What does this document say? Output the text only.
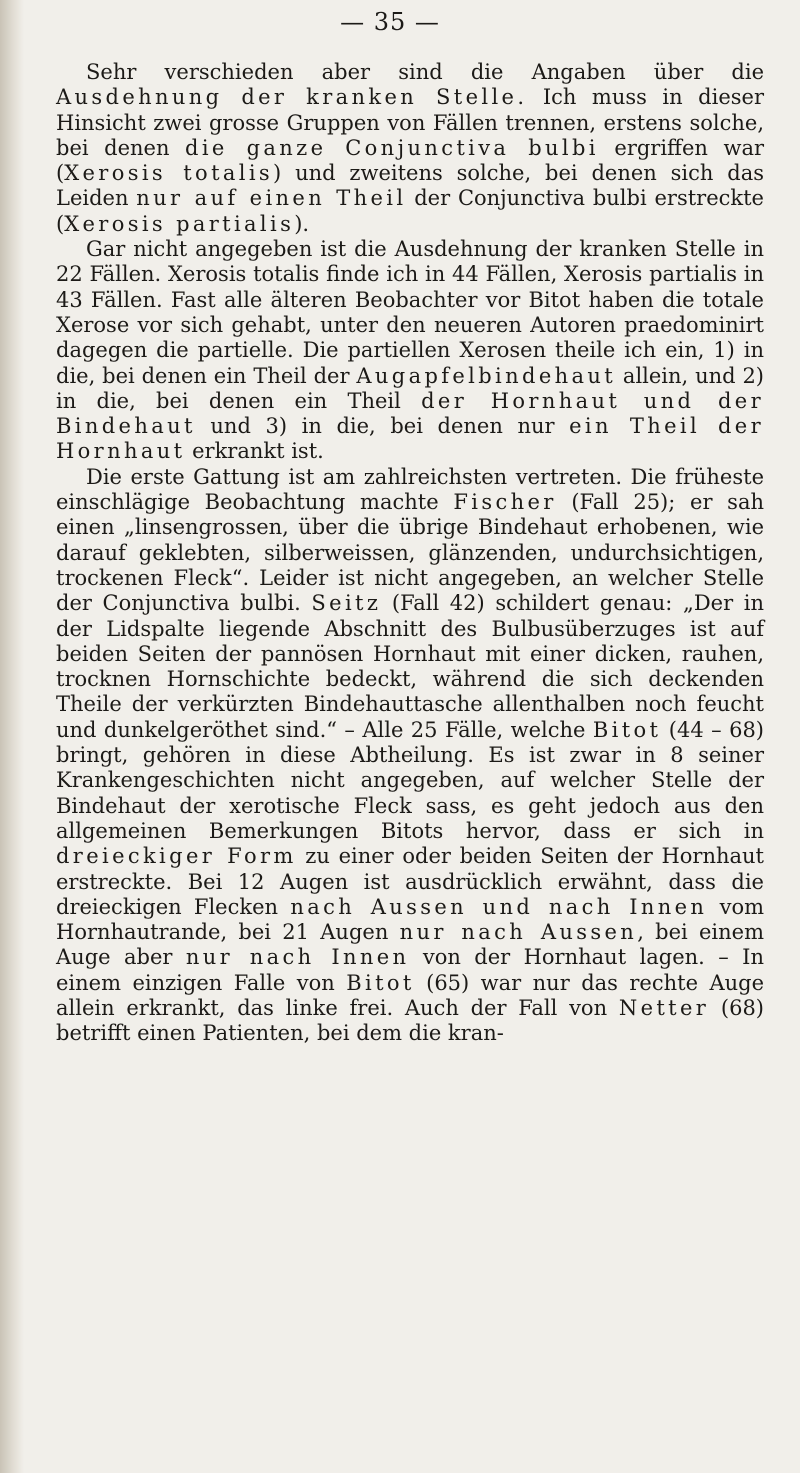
— 35 —

Sehr verschieden aber sind die Angaben über die Ausdehnung der kranken Stelle. Ich muss in dieser Hinsicht zwei grosse Gruppen von Fällen trennen, erstens solche, bei denen die ganze Conjunctiva bulbi ergriffen war (Xerosis totalis) und zweitens solche, bei denen sich das Leiden nur auf einen Theil der Conjunctiva bulbi erstreckte (Xerosis partialis).

Gar nicht angegeben ist die Ausdehnung der kranken Stelle in 22 Fällen. Xerosis totalis finde ich in 44 Fällen, Xerosis partialis in 43 Fällen. Fast alle älteren Beobachter vor Bitot haben die totale Xerose vor sich gehabt, unter den neueren Autoren praedominirt dagegen die partielle. Die partiellen Xerosen theile ich ein, 1) in die, bei denen ein Theil der Augapfelbindehaut allein, und 2) in die, bei denen ein Theil der Hornhaut und der Bindehaut und 3) in die, bei denen nur ein Theil der Hornhaut erkrankt ist.

Die erste Gattung ist am zahlreichsten vertreten. Die früheste einschlägige Beobachtung machte Fischer (Fall 25); er sah einen „linsengrossen, über die übrige Bindehaut erhobenen, wie darauf geklebten, silberweissen, glänzenden, undurchsichtigen, trockenen Fleck“. Leider ist nicht angegeben, an welcher Stelle der Conjunctiva bulbi. Seitz (Fall 42) schildert genau: „Der in der Lidspalte liegende Abschnitt des Bulbusüberzuges ist auf beiden Seiten der pannösen Hornhaut mit einer dicken, rauhen, trocknen Hornschichte bedeckt, während die sich deckenden Theile der verkürzten Bindehauttasche allenthalben noch feucht und dunkelgeröthet sind.“ – Alle 25 Fälle, welche Bitot (44 – 68) bringt, gehören in diese Abtheilung. Es ist zwar in 8 seiner Krankengeschichten nicht angegeben, auf welcher Stelle der Bindehaut der xerotische Fleck sass, es geht jedoch aus den allgemeinen Bemerkungen Bitots hervor, dass er sich in dreieckiger Form zu einer oder beiden Seiten der Hornhaut erstreckte. Bei 12 Augen ist ausdrücklich erwähnt, dass die dreieckigen Flecken nach Aussen und nach Innen vom Hornhautrande, bei 21 Augen nur nach Aussen, bei einem Auge aber nur nach Innen von der Hornhaut lagen. – In einem einzigen Falle von Bitot (65) war nur das rechte Auge allein erkrankt, das linke frei. Auch der Fall von Netter (68) betrifft einen Patienten, bei dem die kran-
